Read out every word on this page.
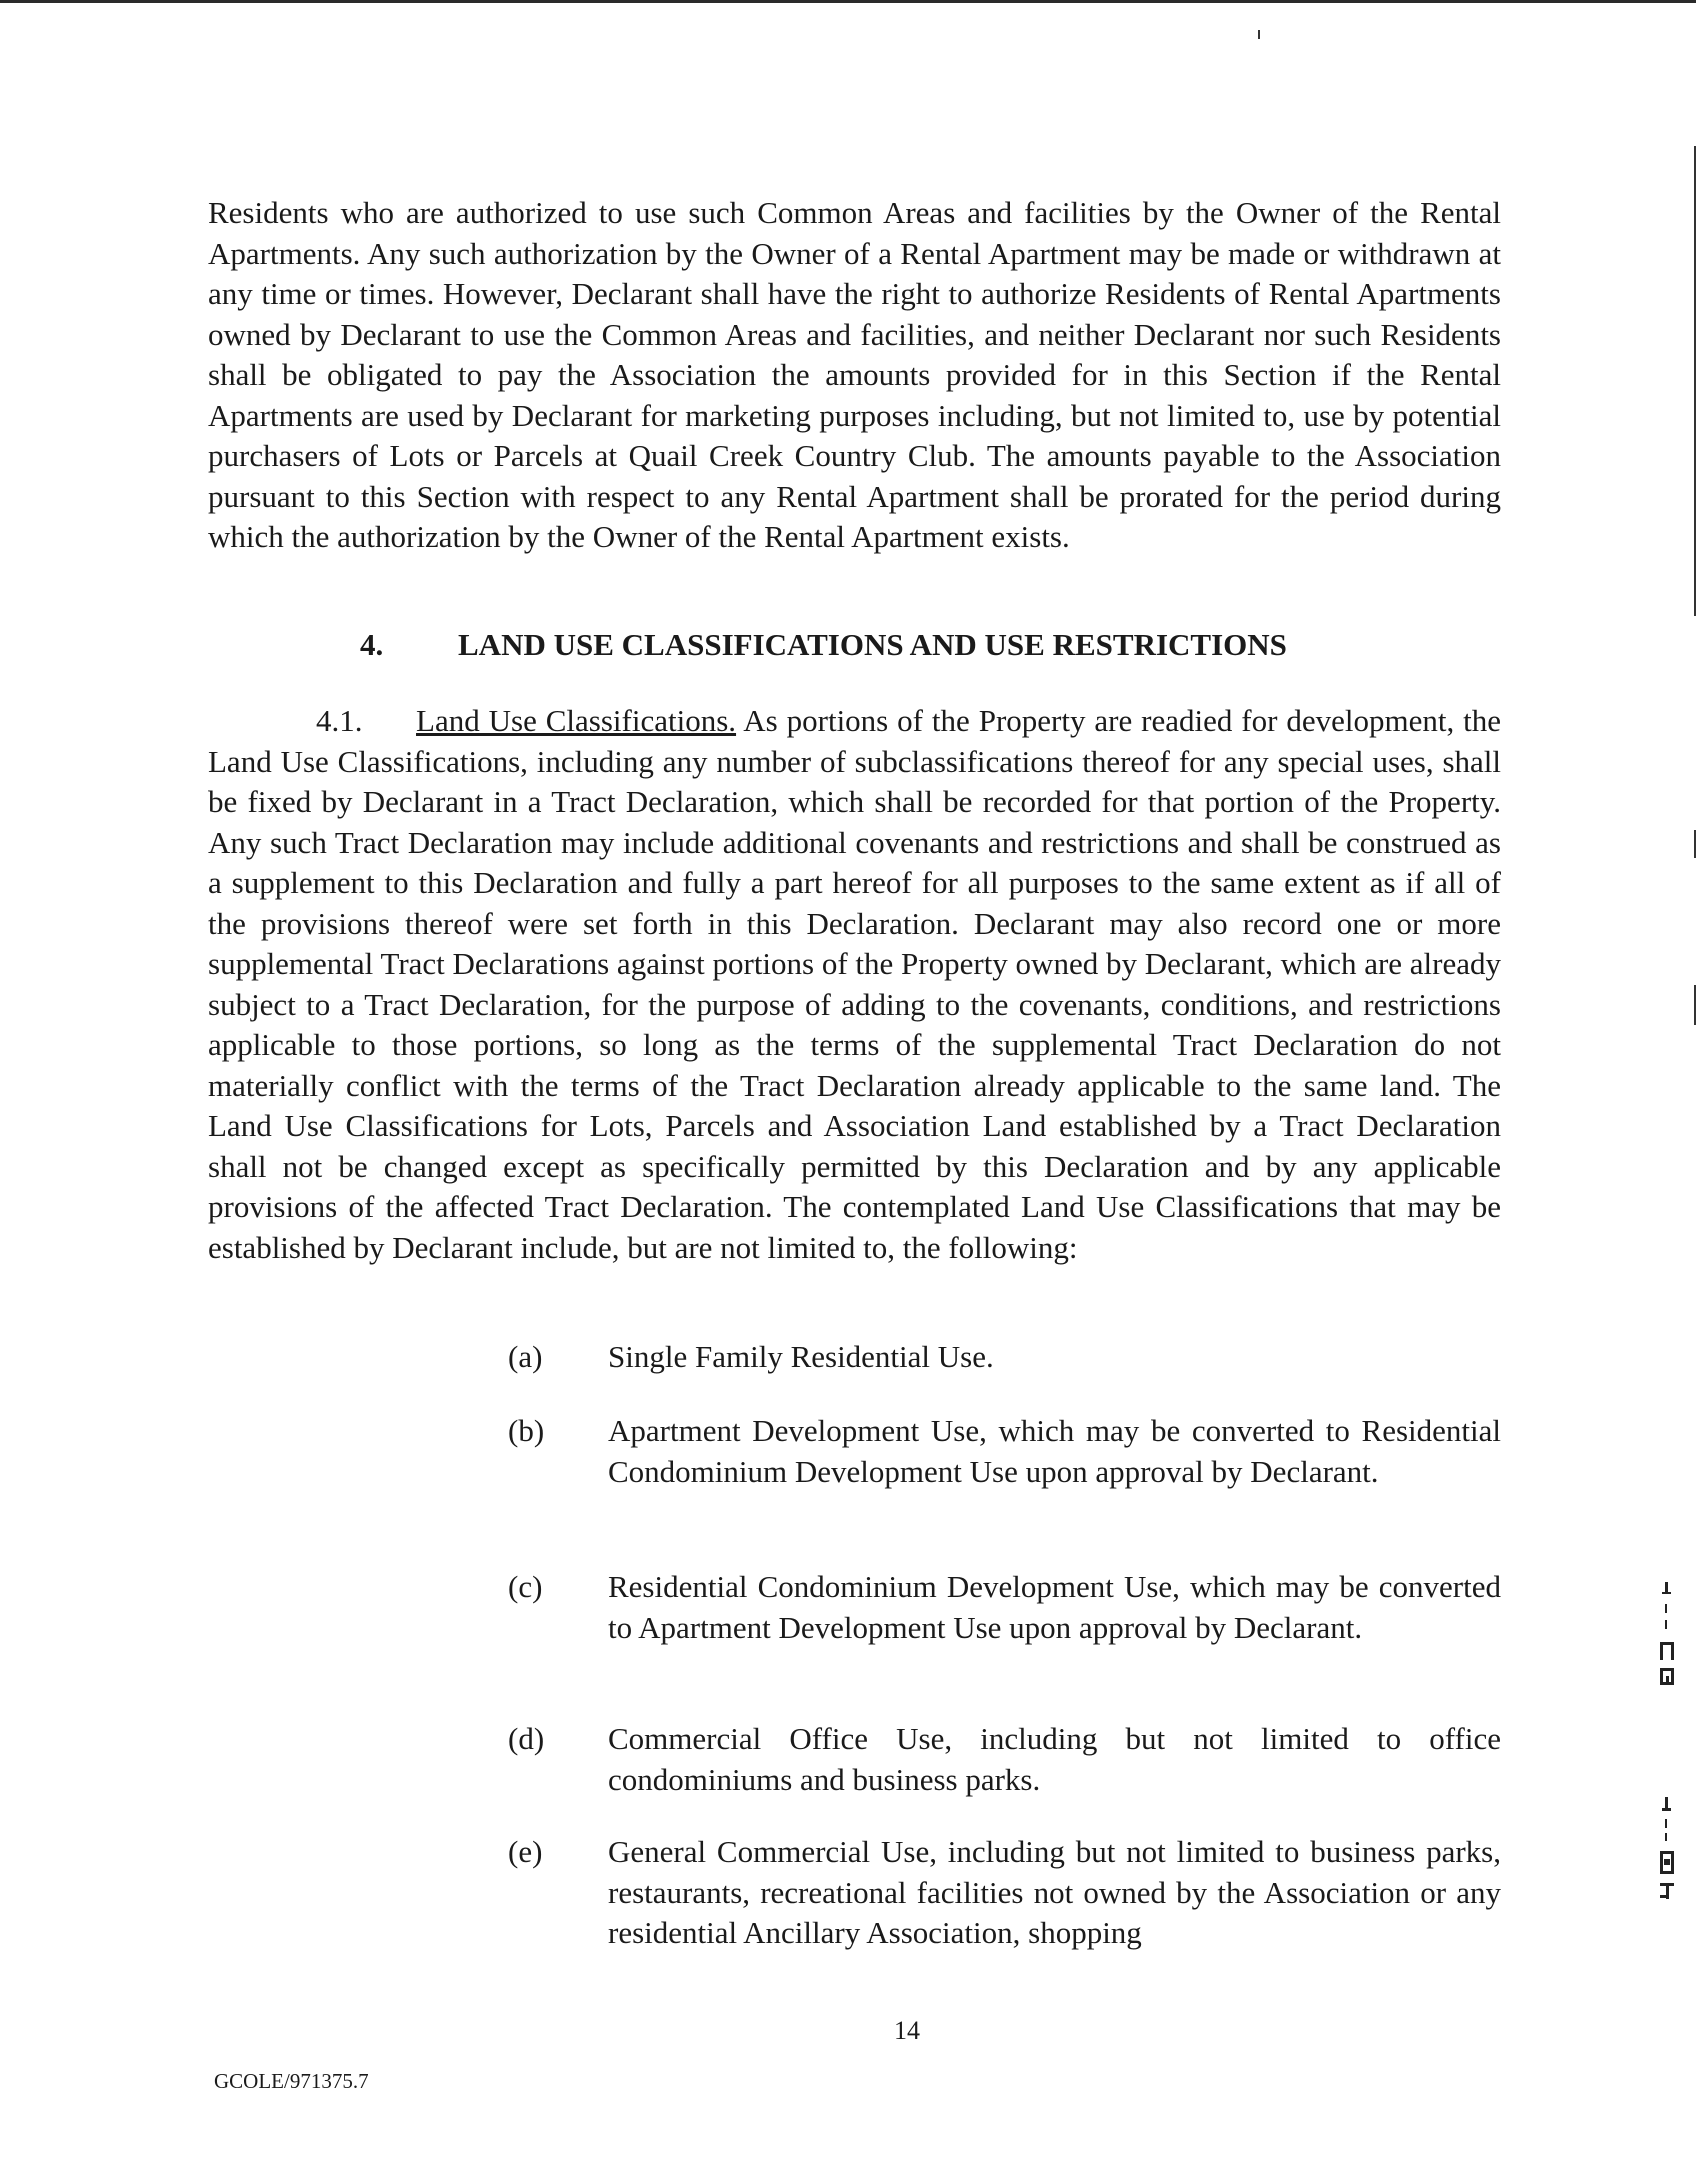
Residents who are authorized to use such Common Areas and facilities by the Owner of the Rental Apartments. Any such authorization by the Owner of a Rental Apartment may be made or withdrawn at any time or times. However, Declarant shall have the right to authorize Residents of Rental Apartments owned by Declarant to use the Common Areas and facilities, and neither Declarant nor such Residents shall be obligated to pay the Association the amounts provided for in this Section if the Rental Apartments are used by Declarant for marketing purposes including, but not limited to, use by potential purchasers of Lots or Parcels at Quail Creek Country Club. The amounts payable to the Association pursuant to this Section with respect to any Rental Apartment shall be prorated for the period during which the authorization by the Owner of the Rental Apartment exists.

4. LAND USE CLASSIFICATIONS AND USE RESTRICTIONS

4.1. Land Use Classifications. As portions of the Property are readied for development, the Land Use Classifications, including any number of subclassifications thereof for any special uses, shall be fixed by Declarant in a Tract Declaration, which shall be recorded for that portion of the Property. Any such Tract Declaration may include additional covenants and restrictions and shall be construed as a supplement to this Declaration and fully a part hereof for all purposes to the same extent as if all of the provisions thereof were set forth in this Declaration. Declarant may also record one or more supplemental Tract Declarations against portions of the Property owned by Declarant, which are already subject to a Tract Declaration, for the purpose of adding to the covenants, conditions, and restrictions applicable to those portions, so long as the terms of the supplemental Tract Declaration do not materially conflict with the terms of the Tract Declaration already applicable to the same land. The Land Use Classifications for Lots, Parcels and Association Land established by a Tract Declaration shall not be changed except as specifically permitted by this Declaration and by any applicable provisions of the affected Tract Declaration. The contemplated Land Use Classifications that may be established by Declarant include, but are not limited to, the following:

(a) Single Family Residential Use.
(b) Apartment Development Use, which may be converted to Residential Condominium Development Use upon approval by Declarant.
(c) Residential Condominium Development Use, which may be converted to Apartment Development Use upon approval by Declarant.
(d) Commercial Office Use, including but not limited to office condominiums and business parks.
(e) General Commercial Use, including but not limited to business parks, restaurants, recreational facilities not owned by the Association or any residential Ancillary Association, shopping
14
GCOLE/971375.7
